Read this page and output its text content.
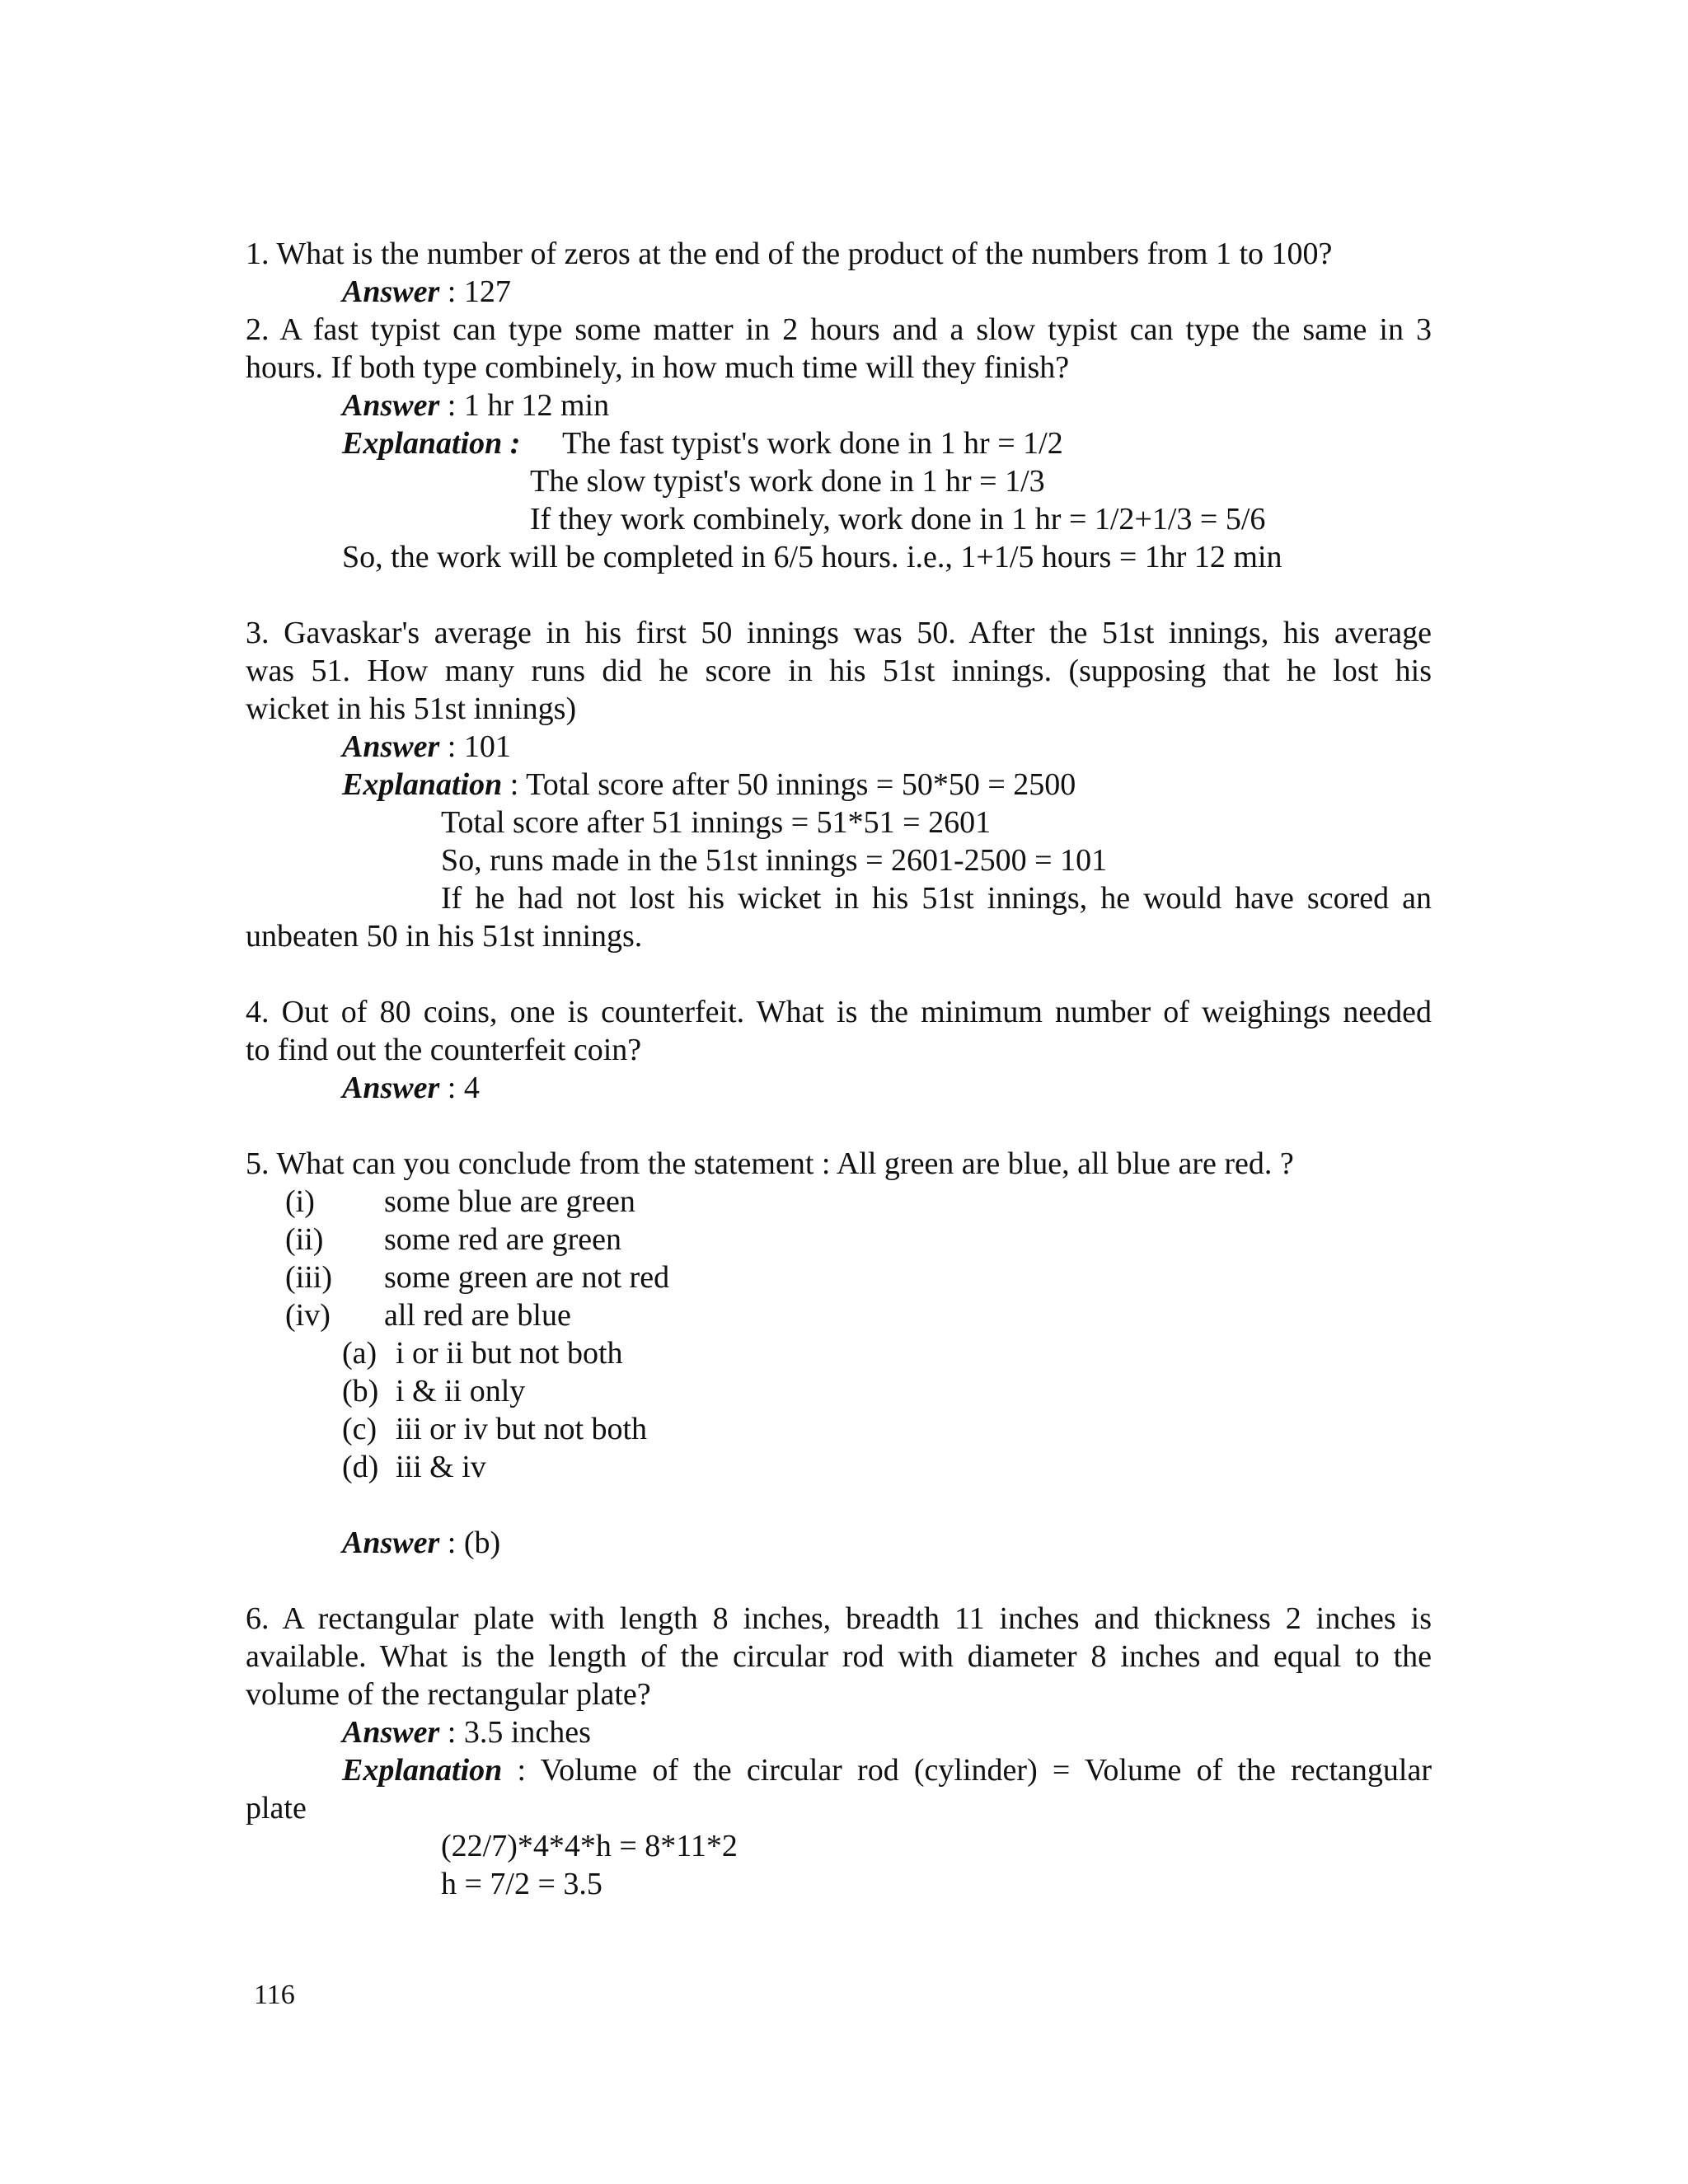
1. What is the number of zeros at the end of the product of the numbers from 1 to 100?
Answer : 127
2. A fast typist can type some matter in 2 hours and a slow typist can type the same in 3
hours. If both type combinely, in how much time will they finish?
Answer : 1 hr 12 min
Explanation : The fast typist's work done in 1 hr = 1/2
The slow typist's work done in 1 hr = 1/3
If they work combinely, work done in 1 hr = 1/2+1/3 = 5/6
So, the work will be completed in 6/5 hours. i.e., 1+1/5 hours = 1hr 12 min
3. Gavaskar's average in his first 50 innings was 50. After the 51st innings, his average
was 51. How many runs did he score in his 51st innings. (supposing that he lost his
wicket in his 51st innings)
Answer : 101
Explanation : Total score after 50 innings = 50*50 = 2500
Total score after 51 innings = 51*51 = 2601
So, runs made in the 51st innings = 2601-2500 = 101
If he had not lost his wicket in his 51st innings, he would have scored an
unbeaten 50 in his 51st innings.
4. Out of 80 coins, one is counterfeit. What is the minimum number of weighings needed
to find out the counterfeit coin?
Answer : 4
5. What can you conclude from the statement : All green are blue, all blue are red. ?
(i) some blue are green
(ii) some red are green
(iii) some green are not red
(iv) all red are blue
(a) i or ii but not both
(b) i & ii only
(c) iii or iv but not both
(d) iii & iv
Answer : (b)
6. A rectangular plate with length 8 inches, breadth 11 inches and thickness 2 inches is
available. What is the length of the circular rod with diameter 8 inches and equal to the
volume of the rectangular plate?
Answer : 3.5 inches
Explanation : Volume of the circular rod (cylinder) = Volume of the rectangular
plate
(22/7)*4*4*h = 8*11*2
h = 7/2 = 3.5
116
